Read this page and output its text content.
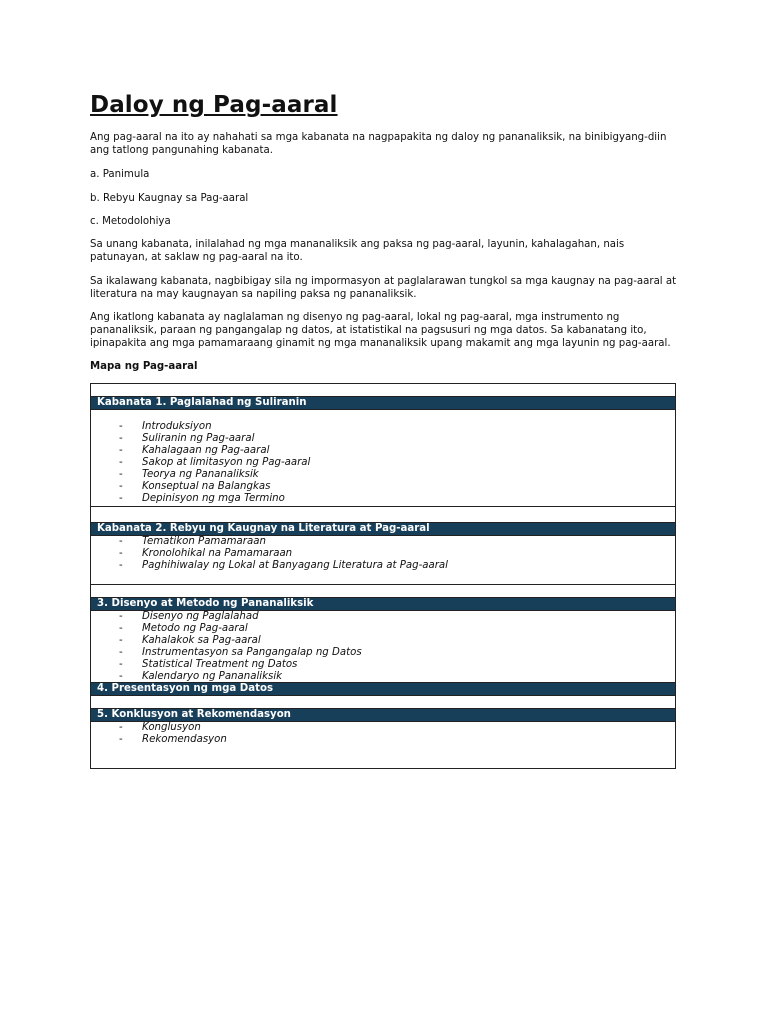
Daloy ng Pag-aaral

Ang pag-aaral na ito ay nahahati sa mga kabanata na nagpapakita ng daloy ng pananaliksik, na binibigyang-diin ang tatlong pangunahing kabanata.

a. Panimula

b. Rebyu Kaugnay sa Pag-aaral

c. Metodolohiya

Sa unang kabanata, inilalahad ng mga mananaliksik ang paksa ng pag-aaral, layunin, kahalagahan, nais patunayan, at saklaw ng pag-aaral na ito.

Sa ikalawang kabanata, nagbibigay sila ng impormasyon at paglalarawan tungkol sa mga kaugnay na pag-aaral at literatura na may kaugnayan sa napiling paksa ng pananaliksik.

Ang ikatlong kabanata ay naglalaman ng disenyo ng pag-aaral, lokal ng pag-aaral, mga instrumento ng pananaliksik, paraan ng pangangalap ng datos, at istatistikal na pagsusuri ng mga datos. Sa kabanatang ito, ipinapakita ang mga pamamaraang ginamit ng mga mananaliksik upang makamit ang mga layunin ng pag-aaral.

Mapa ng Pag-aaral

Kabanata 1. Paglalahad ng Suliranin
- Introduksiyon
- Suliranin ng Pag-aaral
- Kahalagaan ng Pag-aaral
- Sakop at limitasyon ng Pag-aaral
- Teorya ng Pananaliksik
- Konseptual na Balangkas
- Depinisyon ng mga Termino
Kabanata 2. Rebyu ng Kaugnay na Literatura at Pag-aaral
- Tematikon Pamamaraan
- Kronolohikal na Pamamaraan
- Paghihiwalay ng Lokal at Banyagang Literatura at Pag-aaral
3. Disenyo at Metodo ng Pananaliksik
- Disenyo ng Paglalahad
- Metodo ng Pag-aaral
- Kahalakok sa Pag-aaral
- Instrumentasyon sa Pangangalap ng Datos
- Statistical Treatment ng Datos
- Kalendaryo ng Pananaliksik
4. Presentasyon ng mga Datos
5. Konklusyon at Rekomendasyon
- Konglusyon
- Rekomendasyon
